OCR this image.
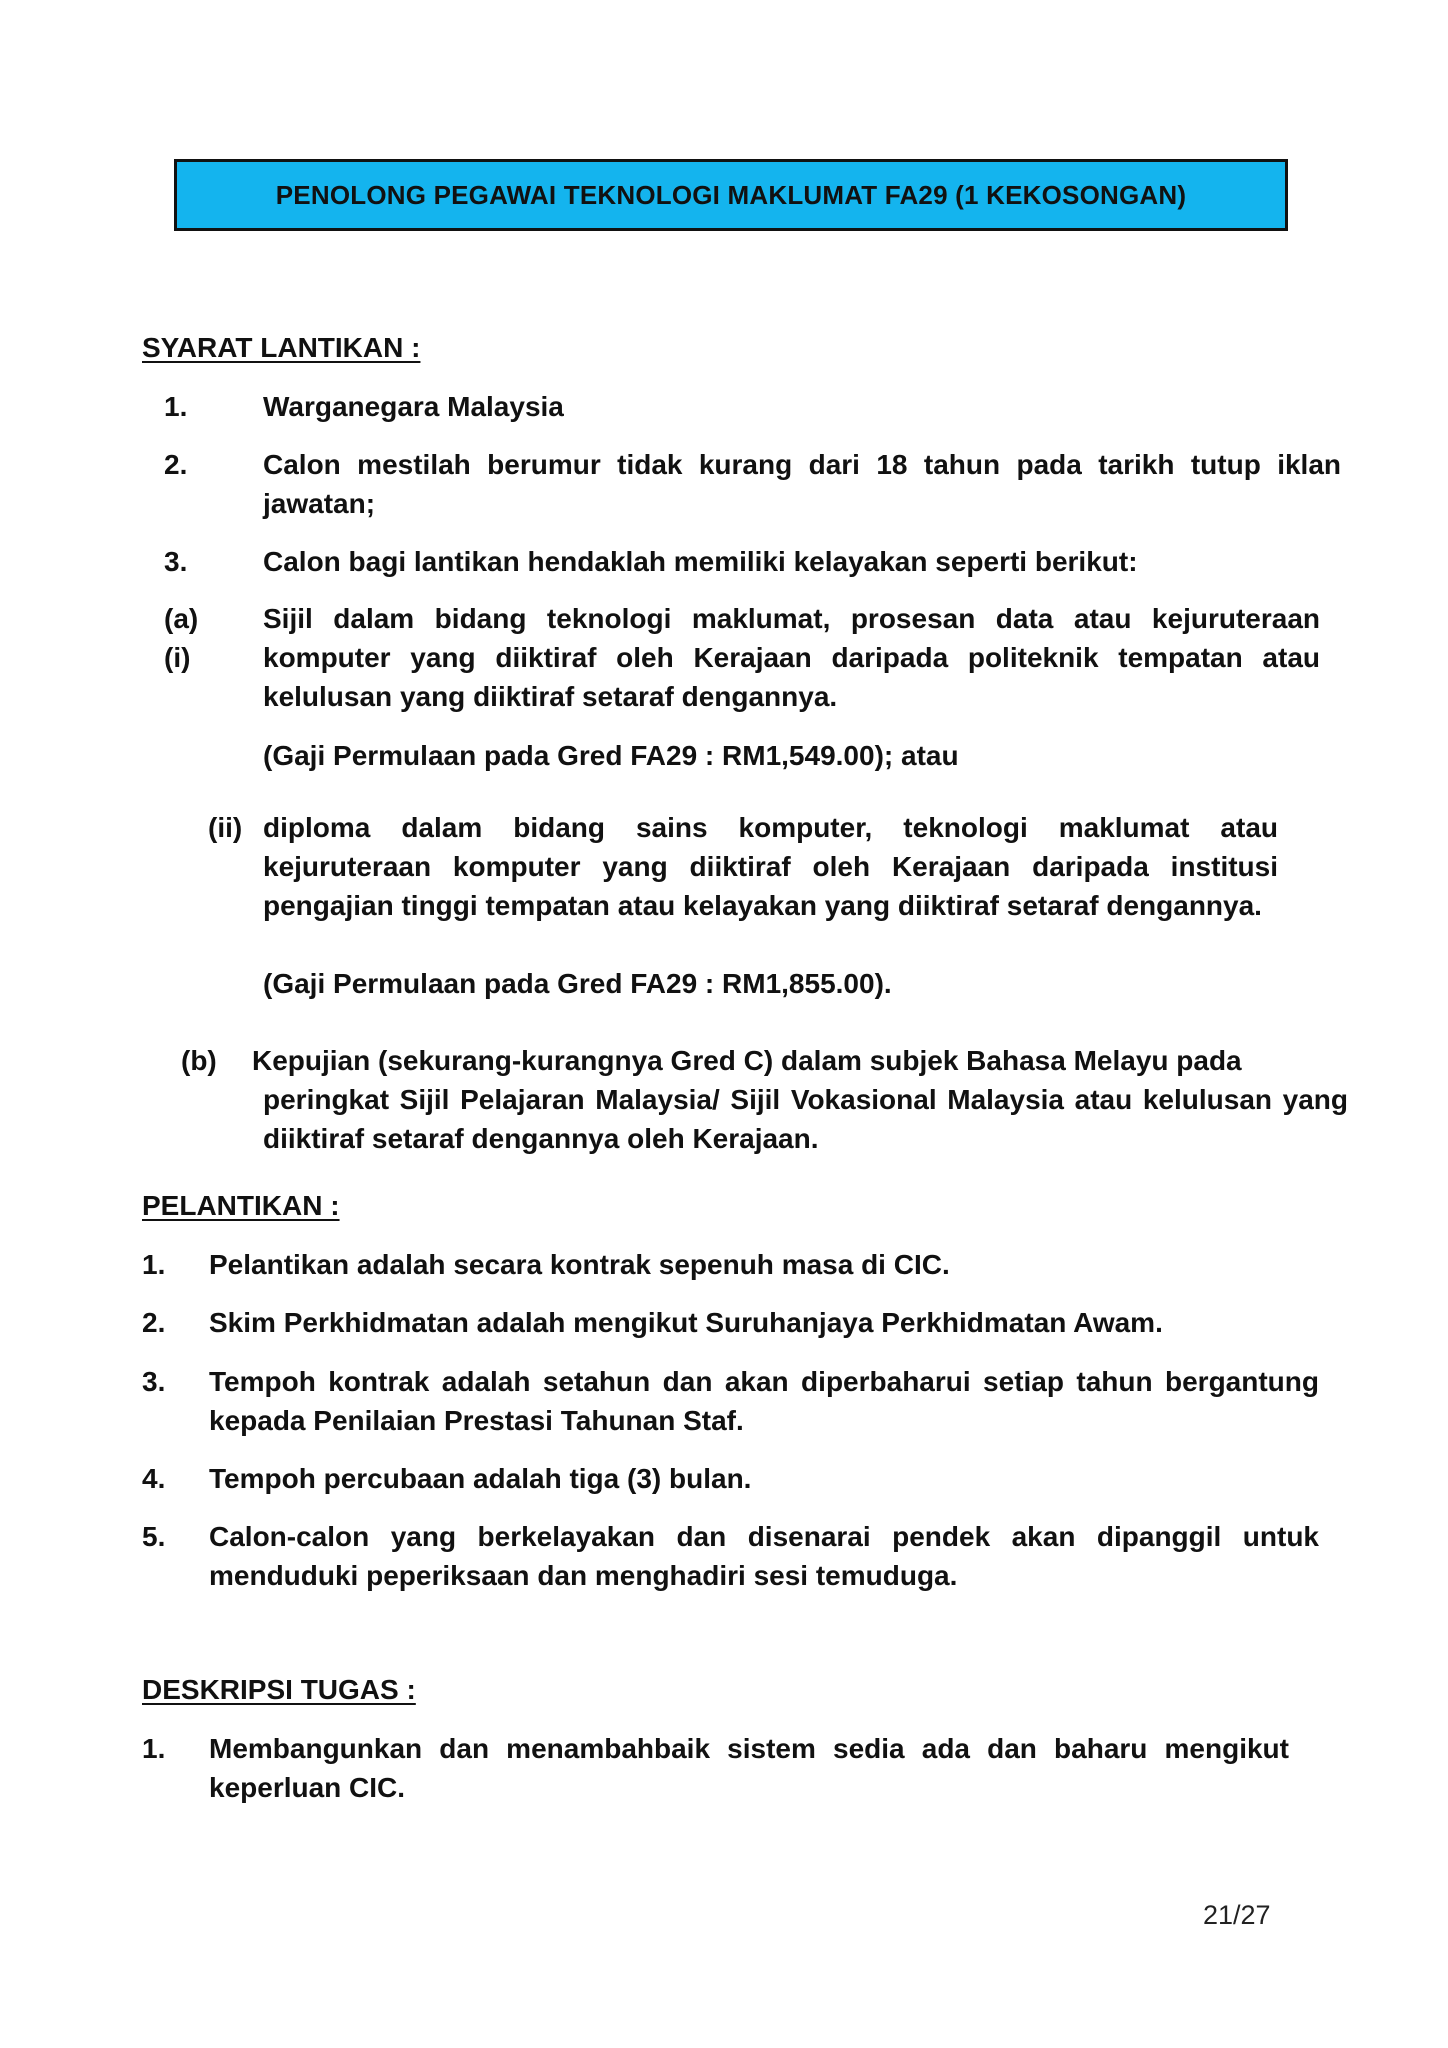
PENOLONG PEGAWAI TEKNOLOGI MAKLUMAT FA29 (1 KEKOSONGAN)
SYARAT LANTIKAN :
1.	Warganegara Malaysia
2.	Calon mestilah berumur tidak kurang dari 18 tahun pada tarikh tutup iklan jawatan;
3.	Calon bagi lantikan hendaklah memiliki kelayakan seperti berikut:
(a) (i)
Sijil dalam bidang teknologi maklumat, prosesan data atau kejuruteraan komputer yang diiktiraf oleh Kerajaan daripada politeknik tempatan atau kelulusan yang diiktiraf setaraf dengannya.
(Gaji Permulaan pada Gred FA29 : RM1,549.00); atau
(ii) diploma dalam bidang sains komputer, teknologi maklumat atau kejuruteraan komputer yang diiktiraf oleh Kerajaan daripada institusi pengajian tinggi tempatan atau kelayakan yang diiktiraf setaraf dengannya.
(Gaji Permulaan pada Gred FA29 : RM1,855.00).
(b) Kepujian (sekurang-kurangnya Gred C) dalam subjek Bahasa Melayu pada
peringkat Sijil Pelajaran Malaysia/ Sijil Vokasional Malaysia atau kelulusan yang diiktiraf setaraf dengannya oleh Kerajaan.
PELANTIKAN :
1. Pelantikan adalah secara kontrak sepenuh masa di CIC.
2. Skim Perkhidmatan adalah mengikut Suruhanjaya Perkhidmatan Awam.
3. Tempoh kontrak adalah setahun dan akan diperbaharui setiap tahun bergantung kepada Penilaian Prestasi Tahunan Staf.
4. Tempoh percubaan adalah tiga (3) bulan.
5. Calon-calon yang berkelayakan dan disenarai pendek akan dipanggil untuk menduduki peperiksaan dan menghadiri sesi temuduga.
DESKRIPSI TUGAS :
1. Membangunkan dan menambahbaik sistem sedia ada dan baharu mengikut keperluan CIC.
21/27
